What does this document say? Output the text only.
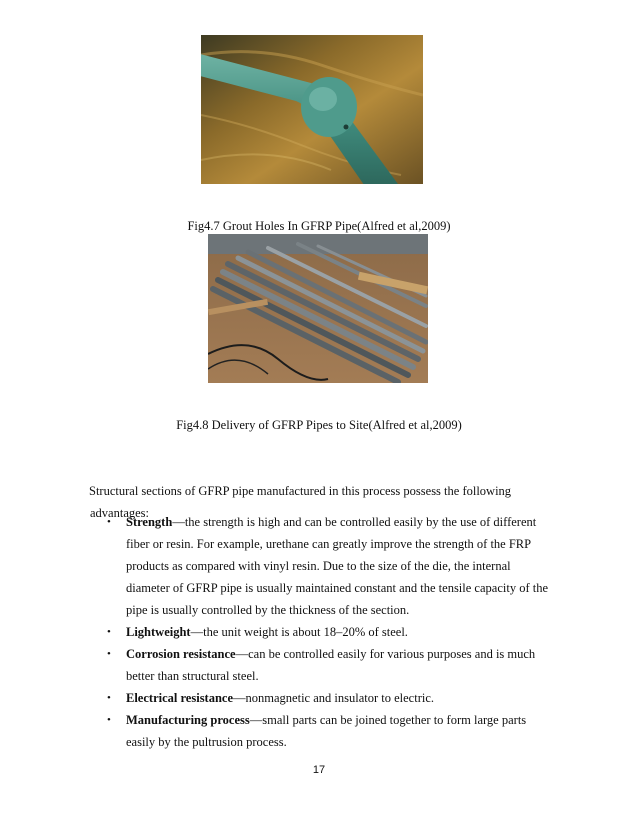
Fig4.7 Grout Holes In GFRP Pipe(Alfred et al,2009)

Fig4.8 Delivery of GFRP Pipes to Site(Alfred et al,2009)

Structural sections of GFRP pipe manufactured in this process possess the following

advantages:

• Strength—the strength is high and can be controlled easily by the use of different fiber or resin. For example, urethane can greatly improve the strength of the FRP products as compared with vinyl resin. Due to the size of the die, the internal diameter of GFRP pipe is usually maintained constant and the tensile capacity of the pipe is usually controlled by the thickness of the section.
• Lightweight—the unit weight is about 18–20% of steel.
• Corrosion resistance—can be controlled easily for various purposes and is much better than structural steel.
• Electrical resistance—nonmagnetic and insulator to electric.
• Manufacturing process—small parts can be joined together to form large parts easily by the pultrusion process.
17
